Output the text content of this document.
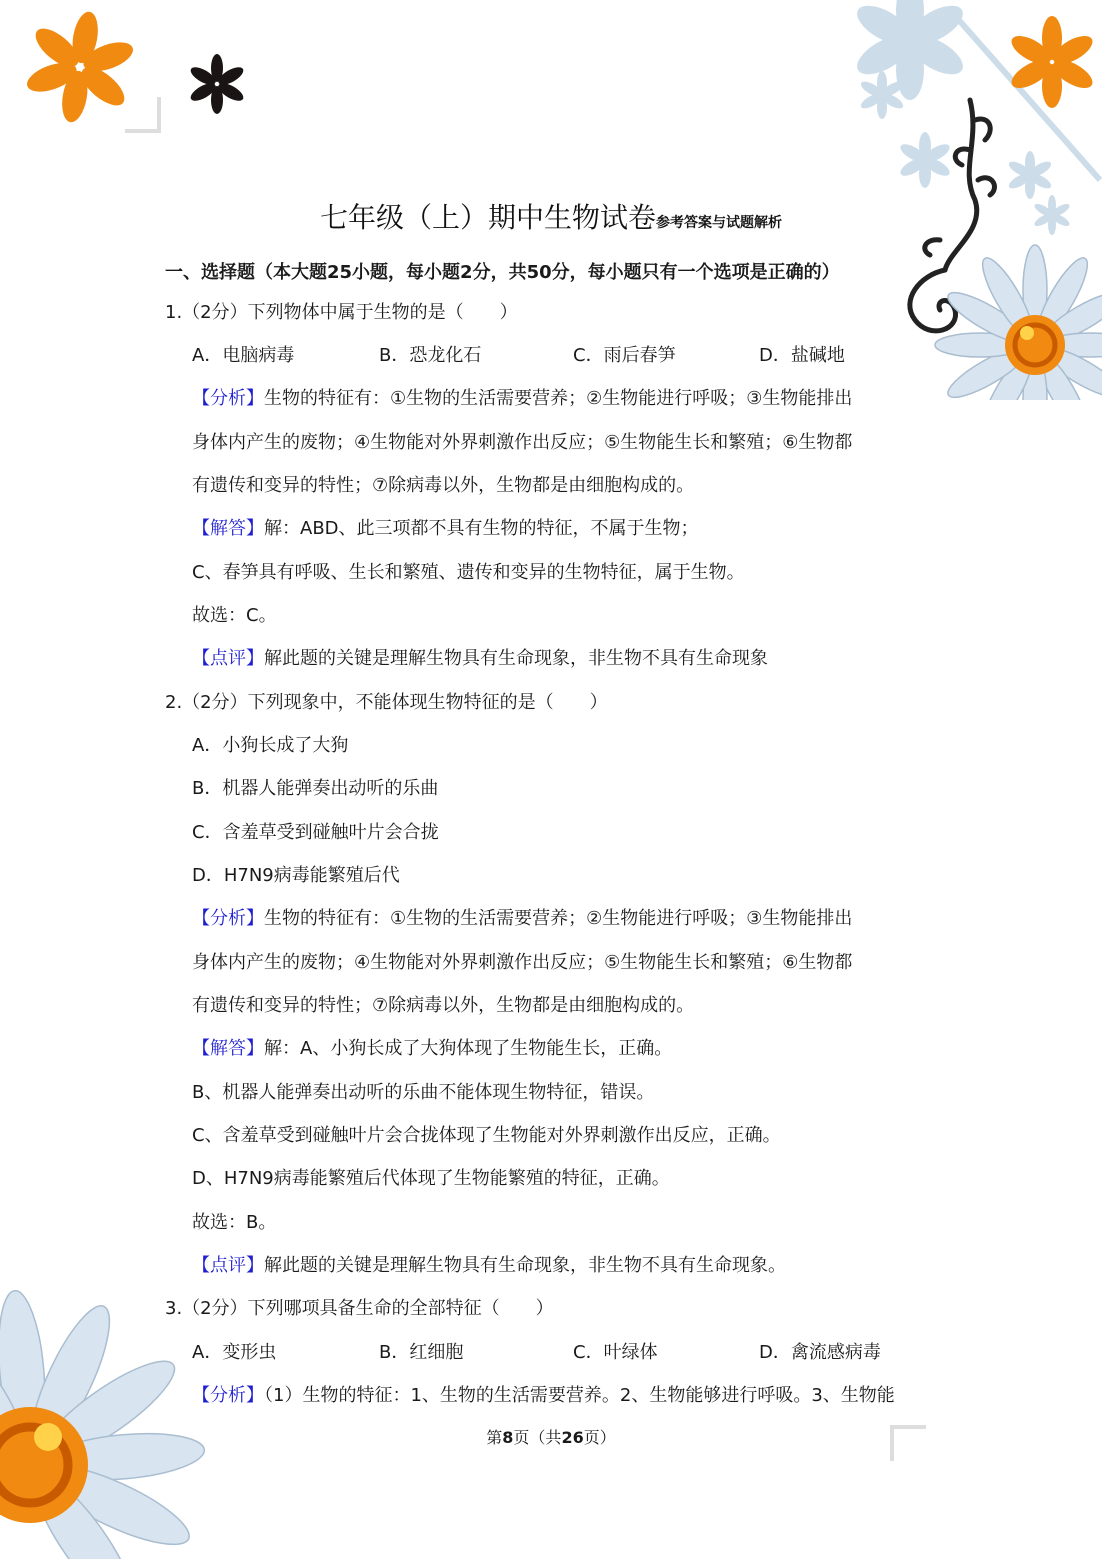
七年级（上）期中生物试卷参考答案与试题解析
一、选择题（本大题25小题，每小题2分，共50分，每小题只有一个选项是正确的）
1.（2分）下列物体中属于生物的是（　　）
A．电脑病毒	B．恐龙化石	C．雨后春笋	D．盐碱地
【分析】生物的特征有：①生物的生活需要营养；②生物能进行呼吸；③生物能排出
身体内产生的废物；④生物能对外界刺激作出反应；⑤生物能生长和繁殖；⑥生物都
有遗传和变异的特性；⑦除病毒以外，生物都是由细胞构成的。
【解答】解：ABD、此三项都不具有生物的特征，不属于生物；
C、春笋具有呼吸、生长和繁殖、遗传和变异的生物特征，属于生物。
故选：C。
【点评】解此题的关键是理解生物具有生命现象，非生物不具有生命现象
2.（2分）下列现象中，不能体现生物特征的是（　　）
A．小狗长成了大狗
B．机器人能弹奏出动听的乐曲
C．含羞草受到碰触叶片会合拢
D．H7N9病毒能繁殖后代
【分析】生物的特征有：①生物的生活需要营养；②生物能进行呼吸；③生物能排出
身体内产生的废物；④生物能对外界刺激作出反应；⑤生物能生长和繁殖；⑥生物都
有遗传和变异的特性；⑦除病毒以外，生物都是由细胞构成的。
【解答】解：A、小狗长成了大狗体现了生物能生长，正确。
B、机器人能弹奏出动听的乐曲不能体现生物特征，错误。
C、含羞草受到碰触叶片会合拢体现了生物能对外界刺激作出反应，正确。
D、H7N9病毒能繁殖后代体现了生物能繁殖的特征，正确。
故选：B。
【点评】解此题的关键是理解生物具有生命现象，非生物不具有生命现象。
3.（2分）下列哪项具备生命的全部特征（　　）
A．变形虫	B．红细胞	C．叶绿体	D．禽流感病毒
【分析】（1）生物的特征：1、生物的生活需要营养。2、生物能够进行呼吸。3、生物能
第8页（共26页）
